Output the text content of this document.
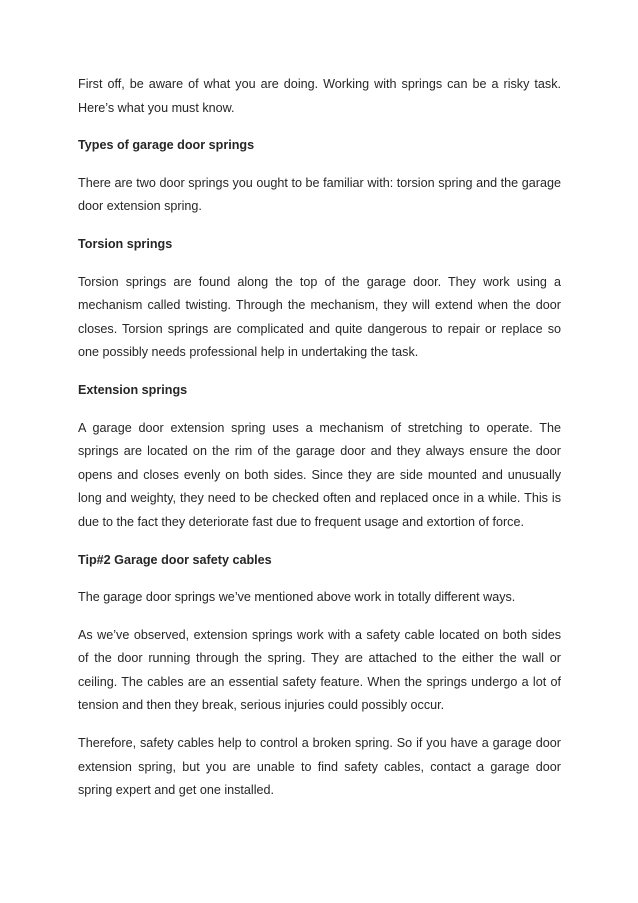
First off, be aware of what you are doing. Working with springs can be a risky task. Here’s what you must know.

Types of garage door springs

There are two door springs you ought to be familiar with: torsion spring and the garage door extension spring.

Torsion springs

Torsion springs are found along the top of the garage door. They work using a mechanism called twisting. Through the mechanism, they will extend when the door closes. Torsion springs are complicated and quite dangerous to repair or replace so one possibly needs professional help in undertaking the task.

Extension springs

A garage door extension spring uses a mechanism of stretching to operate. The springs are located on the rim of the garage door and they always ensure the door opens and closes evenly on both sides. Since they are side mounted and unusually long and weighty, they need to be checked often and replaced once in a while. This is due to the fact they deteriorate fast due to frequent usage and extortion of force.

Tip#2 Garage door safety cables

The garage door springs we’ve mentioned above work in totally different ways.

As we’ve observed, extension springs work with a safety cable located on both sides of the door running through the spring. They are attached to the either the wall or ceiling. The cables are an essential safety feature. When the springs undergo a lot of tension and then they break, serious injuries could possibly occur.

Therefore, safety cables help to control a broken spring. So if you have a garage door extension spring, but you are unable to find safety cables, contact a garage door spring expert and get one installed.
